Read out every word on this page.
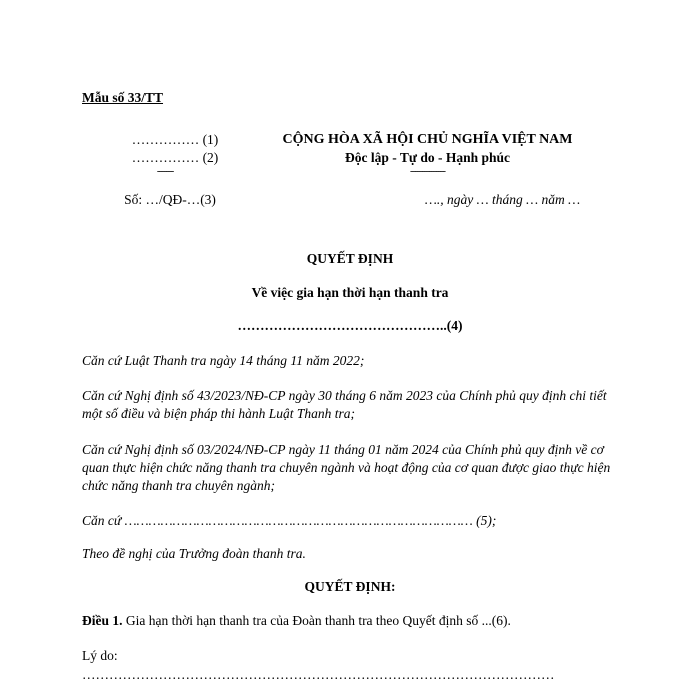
Mẫu số 33/TT
…………… (1)
…………… (2)
-------
Số: …/QĐ-…(3)
CỘNG HÒA XÃ HỘI CHỦ NGHĨA VIỆT NAM
Độc lập - Tự do - Hạnh phúc
---------------
…., ngày … tháng … năm …
QUYẾT ĐỊNH
Về việc gia hạn thời hạn thanh tra
………………………………………..(4)
Căn cứ Luật Thanh tra ngày 14 tháng 11 năm 2022;
Căn cứ Nghị định số 43/2023/NĐ-CP ngày 30 tháng 6 năm 2023 của Chính phủ quy định chi tiết một số điều và biện pháp thi hành Luật Thanh tra;
Căn cứ Nghị định số 03/2024/NĐ-CP ngày 11 tháng 01 năm 2024 của Chính phủ quy định về cơ quan thực hiện chức năng thanh tra chuyên ngành và hoạt động của cơ quan được giao thực hiện chức năng thanh tra chuyên ngành;
Căn cứ …………………………………………………………………………… (5);
Theo đề nghị của Trưởng đoàn thanh tra.
QUYẾT ĐỊNH:
Điều 1. Gia hạn thời hạn thanh tra của Đoàn thanh tra theo Quyết định số ...(6).
Lý do:
……………………………………………………………………………………………
